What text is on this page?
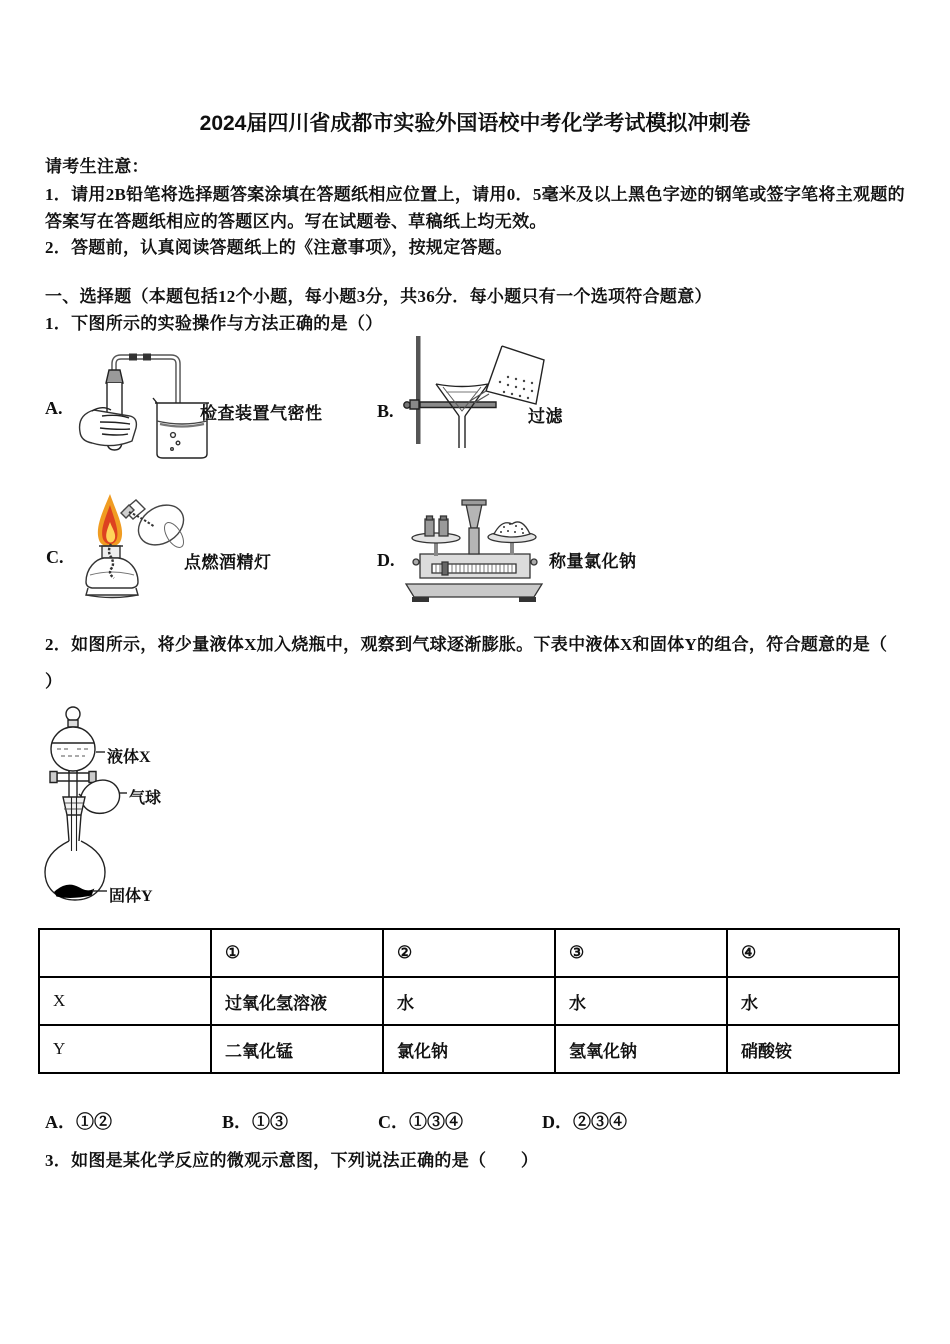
2024届四川省成都市实验外国语校中考化学考试模拟冲刺卷
请考生注意：
1．请用2B铅笔将选择题答案涂填在答题纸相应位置上，请用0．5毫米及以上黑色字迹的钢笔或签字笔将主观题的
答案写在答题纸相应的答题区内。写在试题卷、草稿纸上均无效。
2．答题前，认真阅读答题纸上的《注意事项》，按规定答题。
一、选择题（本题包括12个小题，每小题3分，共36分．每小题只有一个选项符合题意）
1．下图所示的实验操作与方法正确的是（）
A.	检查装置气密性	B.	过滤
C.	点燃酒精灯	D.	称量氯化钠
2．如图所示，将少量液体X加入烧瓶中，观察到气球逐渐膨胀。下表中液体X和固体Y的组合，符合题意的是（
）
液体X
气球
固体Y
	①	②	③	④
X	过氧化氢溶液	水	水	水
Y	二氧化锰	氯化钠	氢氧化钠	硝酸铵
A．①②	B．①③	C．①③④	D．②③④
3．如图是某化学反应的微观示意图，下列说法正确的是（　　）
